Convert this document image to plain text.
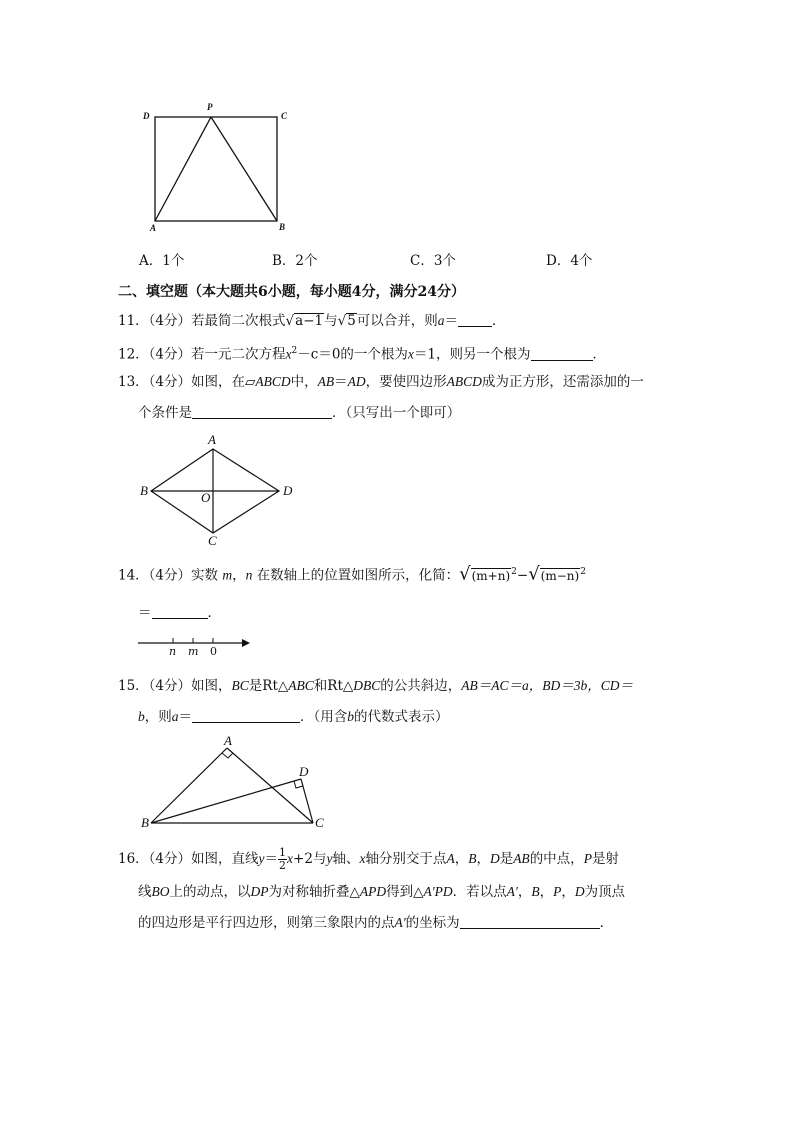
D
P
C
A	B
A．1个	B．2个	C．3个	D．4个
二、填空题（本大题共6小题，每小题4分，满分24分）
11．（4分）若最简二次根式√a−1与√5可以合并，则a＝	．
12．（4分）若一元二次方程$x^2-c=0$的一个根为x＝1，则另一个根为	．
13．（4分）如图，在▱ABCD中，AB＝AD，要使四边形ABCD成为正方形，还需添加的一
个条件是	．（只写出一个即可）
A
B	O	D
C
14．（4分）实数 m，n 在数轴上的位置如图所示，化简：$√(m+n)^2-√(m-n)^2$
＝	．
n m 0
15．（4分）如图，BC是Rt△ABC和Rt△DBC的公共斜边，AB＝AC＝a，BD＝3b，CD＝
b，则a＝	．（用含b的代数式表示）
A
D
B	C
16．（4分）如图，直线$y= \frac{1}{2} x+2$与y轴、x轴分别交于点A，B，D是AB的中点，P是射
线BO上的动点，以DP为对称轴折叠△APD得到△A'PD．若以点A'，B，P，D为顶点
的四边形是平行四边形，则第三象限内的点A'的坐标为	．
